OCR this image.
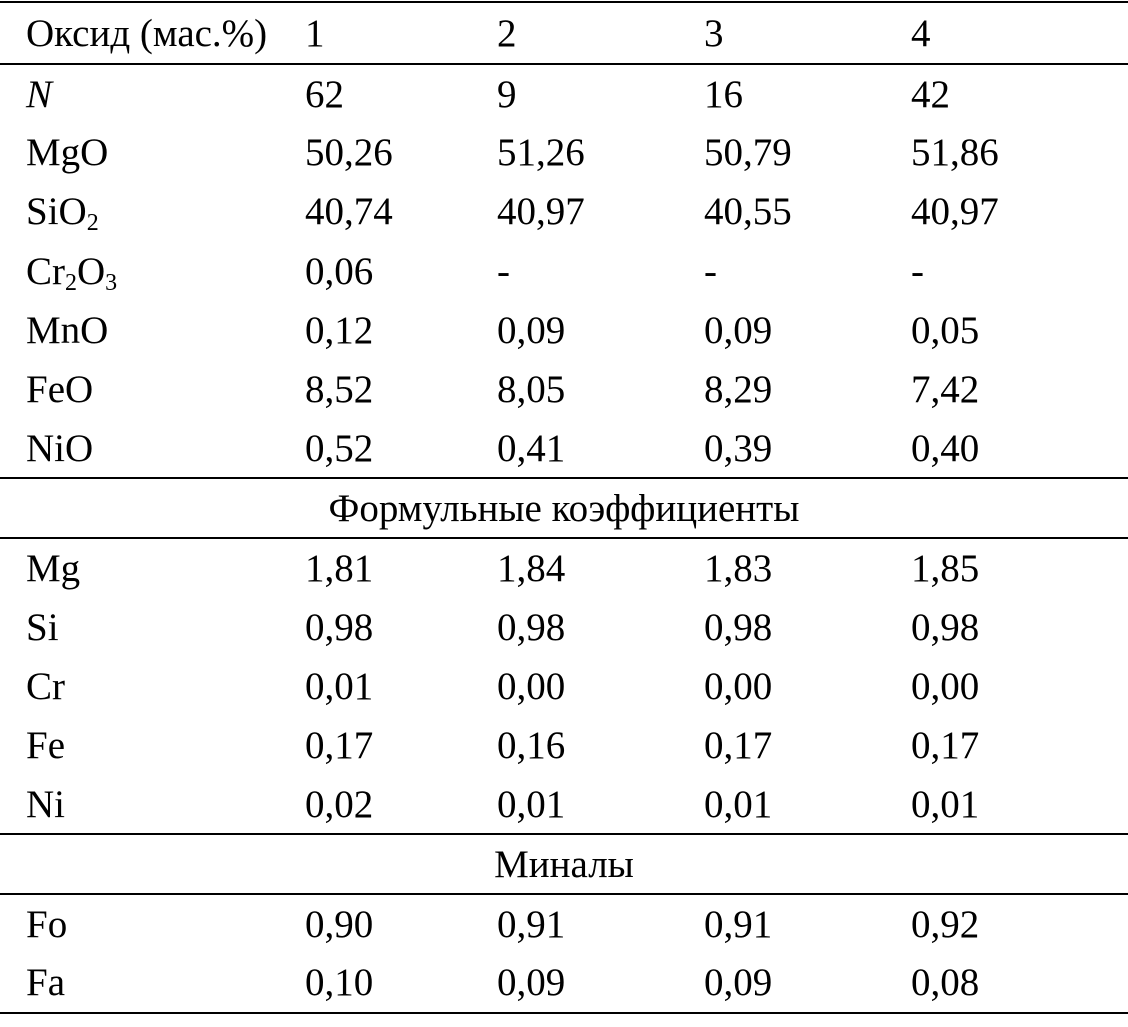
Оксид (мас.%)	1	2	3	4
N	62	9	16	42
MgO	50,26	51,26	50,79	51,86
SiO$_2$	40,74	40,97	40,55	40,97
$Cr_2O_3$	0,06	-	-	-
MnO	0,12	0,09	0,09	0,05
FeO	8,52	8,05	8,29	7,42
NiO	0,52	0,41	0,39	0,40
Формульные коэффициенты				
Mg	1,81	1,84	1,83	1,85
Si	0,98	0,98	0,98	0,98
Cr	0,01	0,00	0,00	0,00
Fe	0,17	0,16	0,17	0,17
Ni	0,02	0,01	0,01	0,01
Миналы				
Fo	0,90	0,91	0,91	0,92
Fa	0,10	0,09	0,09	0,08
